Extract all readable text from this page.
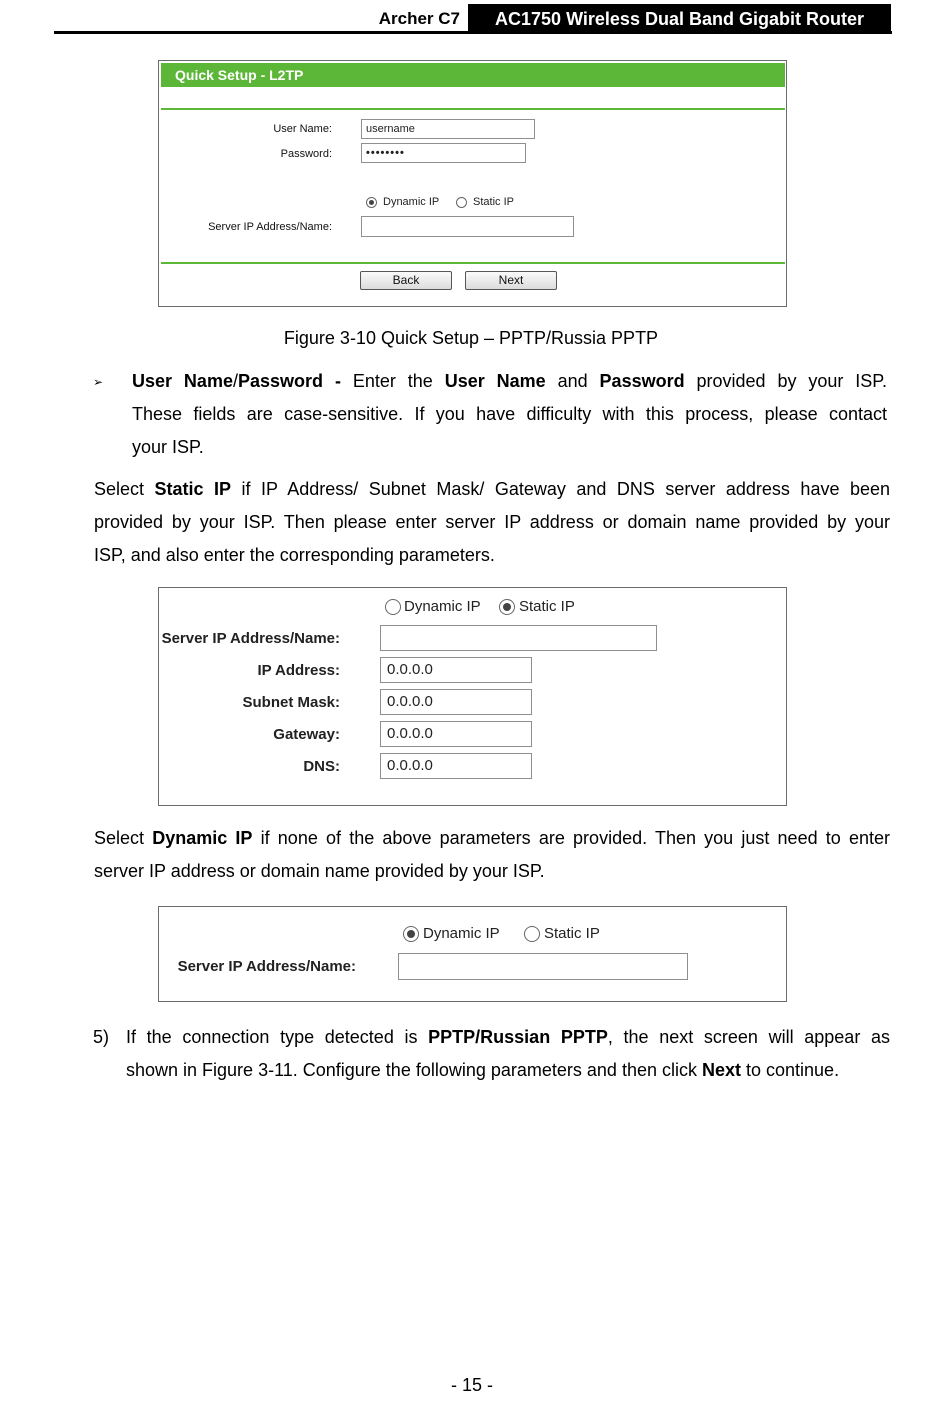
Archer C7	AC1750 Wireless Dual Band Gigabit Router
Quick Setup - L2TP
User Name:	username
Password:	••••••••
Dynamic IP	Static IP
Server IP Address/Name:
Back	Next
Figure 3-10 Quick Setup – PPTP/Russia PPTP
➢ User Name/Password - Enter the User Name and Password provided by your ISP.
These fields are case-sensitive. If you have difficulty with this process, please contact
your ISP.
Select Static IP if IP Address/ Subnet Mask/ Gateway and DNS server address have been
provided by your ISP. Then please enter server IP address or domain name provided by your
ISP, and also enter the corresponding parameters.
Dynamic IP	Static IP
Server IP Address/Name:
IP Address:	0.0.0.0
Subnet Mask:	0.0.0.0
Gateway:	0.0.0.0
DNS:	0.0.0.0
Select Dynamic IP if none of the above parameters are provided. Then you just need to enter
server IP address or domain name provided by your ISP.
Dynamic IP	Static IP
Server IP Address/Name:
5) If the connection type detected is PPTP/Russian PPTP, the next screen will appear as
shown in Figure 3-11. Configure the following parameters and then click Next to continue.
- 15 -
